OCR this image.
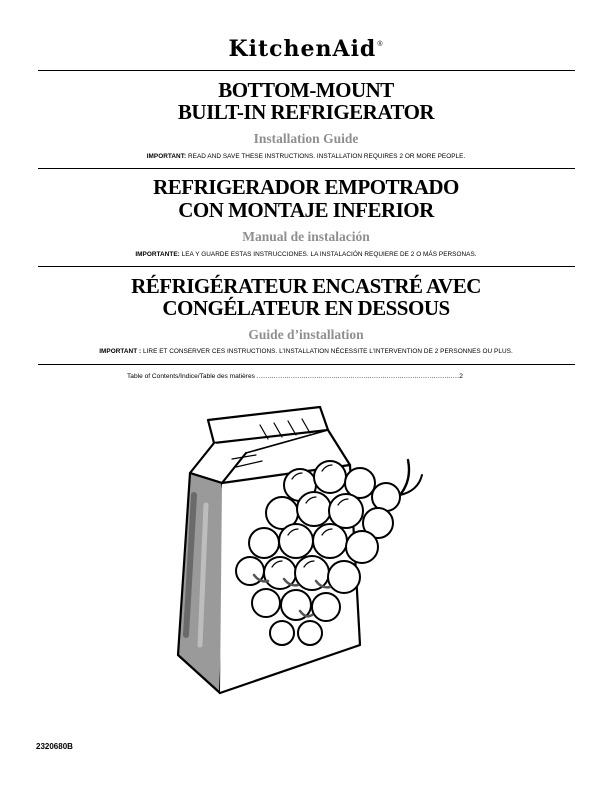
KitchenAid®
BOTTOM-MOUNT
BUILT-IN REFRIGERATOR
Installation Guide
IMPORTANT: READ AND SAVE THESE INSTRUCTIONS. INSTALLATION REQUIRES 2 OR MORE PEOPLE.
REFRIGERADOR EMPOTRADO
CON MONTAJE INFERIOR
Manual de instalación
IMPORTANTE: LEA Y GUARDE ESTAS INSTRUCCIONES. LA INSTALACIÓN REQUIERE DE 2 O MÁS PERSONAS.
RÉFRIGÉRATEUR ENCASTRÉ AVEC
CONGÉLATEUR EN DESSOUS
Guide d’installation
IMPORTANT : LIRE ET CONSERVER CES INSTRUCTIONS. L’INSTALLATION NÉCESSITE L’INTERVENTION DE 2 PERSONNES OU PLUS.
Table of Contents/Índice/Table des matières ...............................................................................................2
2320680B
